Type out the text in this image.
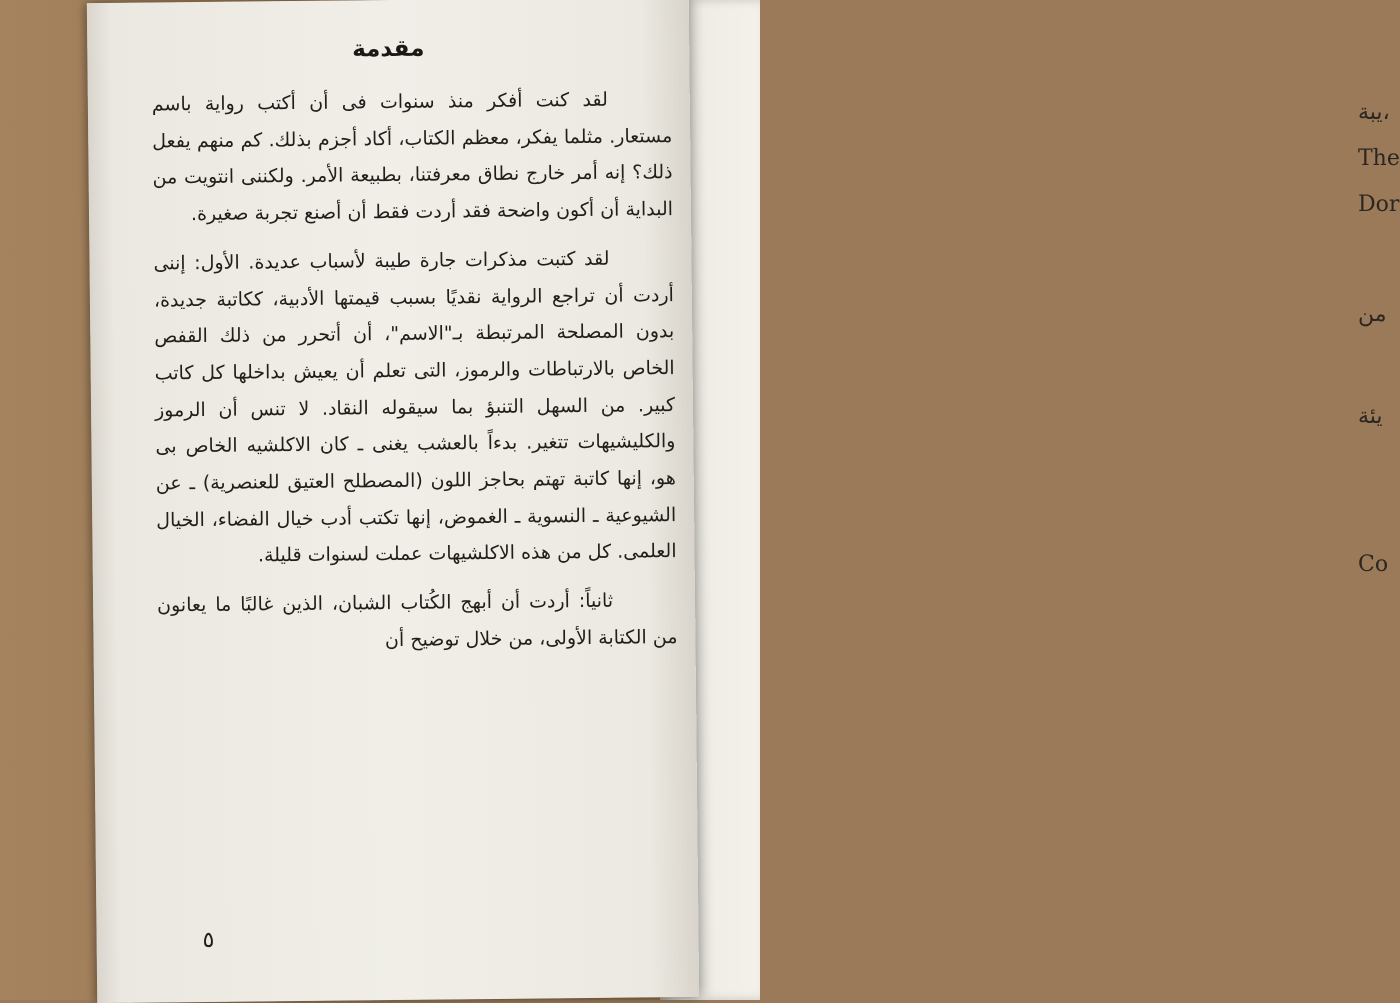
يبة،
The
Dor
من
يئة
Co
مقدمة

لقد كنت أفكر منذ سنوات فى أن أكتب رواية باسم مستعار. مثلما يفكر، معظم الكتاب، أكاد أجزم بذلك. كم منهم يفعل ذلك؟ إنه أمر خارج نطاق معرفتنا، بطبيعة الأمر. ولكننى انتويت من البداية أن أكون واضحة فقد أردت فقط أن أصنع تجربة صغيرة.

لقد كتبت مذكرات جارة طيبة لأسباب عديدة. الأول: إننى أردت أن تراجع الرواية نقديًا بسبب قيمتها الأدبية، ككاتبة جديدة، بدون المصلحة المرتبطة بـ"الاسم"، أن أتحرر من ذلك القفص الخاص بالارتباطات والرموز، التى تعلم أن يعيش بداخلها كل كاتب كبير. من السهل التنبؤ بما سيقوله النقاد. لا تنس أن الرموز والكليشيهات تتغير. بدءاً بالعشب يغنى ـ كان الاكلشيه الخاص بى هو، إنها كاتبة تهتم بحاجز اللون (المصطلح العتيق للعنصرية) ـ عن الشيوعية ـ النسوية ـ الغموض، إنها تكتب أدب خيال الفضاء، الخيال العلمى. كل من هذه الاكلشيهات عملت لسنوات قليلة.

ثانياً: أردت أن أبهج الكُتاب الشبان، الذين غالبًا ما يعانون من الكتابة الأولى، من خلال توضيح أن

٥
